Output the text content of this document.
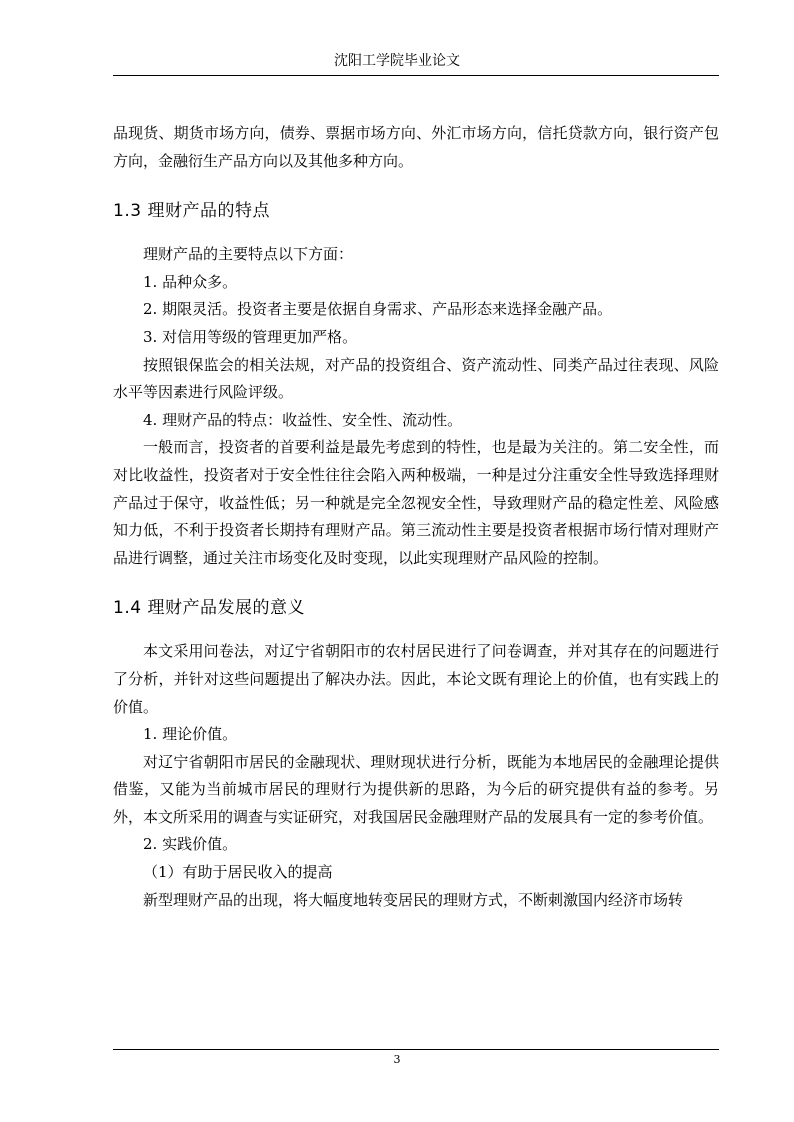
沈阳工学院毕业论文

品现货、期货市场方向，债券、票据市场方向、外汇市场方向，信托贷款方向，银行资产包方向，金融衍生产品方向以及其他多种方向。

1.3 理财产品的特点

理财产品的主要特点以下方面：

1. 品种众多。

2. 期限灵活。投资者主要是依据自身需求、产品形态来选择金融产品。

3. 对信用等级的管理更加严格。

按照银保监会的相关法规，对产品的投资组合、资产流动性、同类产品过往表现、风险水平等因素进行风险评级。

4. 理财产品的特点：收益性、安全性、流动性。

一般而言，投资者的首要利益是最先考虑到的特性，也是最为关注的。第二安全性，而对比收益性，投资者对于安全性往往会陷入两种极端，一种是过分注重安全性导致选择理财产品过于保守，收益性低；另一种就是完全忽视安全性，导致理财产品的稳定性差、风险感知力低，不利于投资者长期持有理财产品。第三流动性主要是投资者根据市场行情对理财产品进行调整，通过关注市场变化及时变现，以此实现理财产品风险的控制。

1.4 理财产品发展的意义

本文采用问卷法，对辽宁省朝阳市的农村居民进行了问卷调查，并对其存在的问题进行了分析，并针对这些问题提出了解决办法。因此，本论文既有理论上的价值，也有实践上的价值。

1. 理论价值。

对辽宁省朝阳市居民的金融现状、理财现状进行分析，既能为本地居民的金融理论提供借鉴，又能为当前城市居民的理财行为提供新的思路，为今后的研究提供有益的参考。另外，本文所采用的调查与实证研究，对我国居民金融理财产品的发展具有一定的参考价值。

2. 实践价值。

（1）有助于居民收入的提高

新型理财产品的出现，将大幅度地转变居民的理财方式，不断刺激国内经济市场转

3
